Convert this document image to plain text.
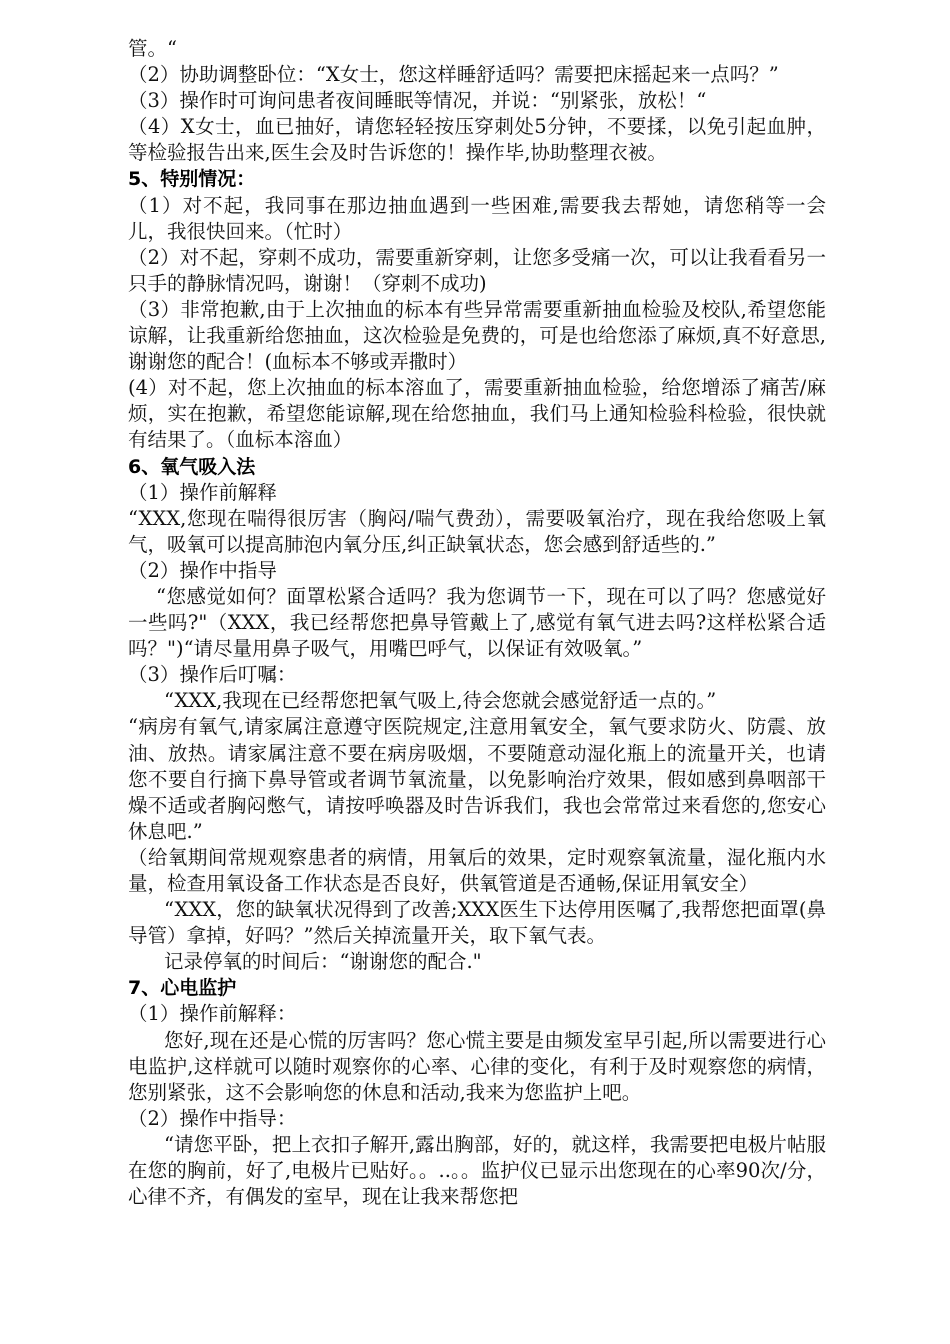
管。“

（2）协助调整卧位：“X女士，您这样睡舒适吗？需要把床摇起来一点吗？”

（3）操作时可询问患者夜间睡眠等情况，并说：“别紧张，放松！“

（4）X女士，血已抽好，请您轻轻按压穿刺处5分钟，不要揉，以免引起血肿，等检验报告出来,医生会及时告诉您的！操作毕,协助整理衣被。

5、特别情况：

（1）对不起，我同事在那边抽血遇到一些困难,需要我去帮她，请您稍等一会儿，我很快回来。（忙时）

（2）对不起，穿刺不成功，需要重新穿刺，让您多受痛一次，可以让我看看另一只手的静脉情况吗，谢谢！（穿刺不成功)

（3）非常抱歉,由于上次抽血的标本有些异常需要重新抽血检验及校队,希望您能谅解，让我重新给您抽血，这次检验是免费的，可是也给您添了麻烦,真不好意思,谢谢您的配合！(血标本不够或弄撒时）

(4）对不起，您上次抽血的标本溶血了，需要重新抽血检验，给您增添了痛苦/麻烦，实在抱歉，希望您能谅解,现在给您抽血，我们马上通知检验科检验，很快就有结果了。（血标本溶血）

6、氧气吸入法

（1）操作前解释

“XXX,您现在喘得很厉害（胸闷/喘气费劲），需要吸氧治疗，现在我给您吸上氧气，吸氧可以提高肺泡内氧分压,纠正缺氧状态，您会感到舒适些的.”

（2）操作中指导

“您感觉如何？面罩松紧合适吗？我为您调节一下，现在可以了吗？您感觉好一些吗?"（XXX，我已经帮您把鼻导管戴上了,感觉有氧气进去吗?这样松紧合适吗？")“请尽量用鼻子吸气，用嘴巴呼气，以保证有效吸氧。”

（3）操作后叮嘱：

“XXX,我现在已经帮您把氧气吸上,待会您就会感觉舒适一点的。”

“病房有氧气,请家属注意遵守医院规定,注意用氧安全，氧气要求防火、防震、放油、放热。请家属注意不要在病房吸烟，不要随意动湿化瓶上的流量开关，也请您不要自行摘下鼻导管或者调节氧流量，以免影响治疗效果，假如感到鼻咽部干燥不适或者胸闷憋气，请按呼唤器及时告诉我们，我也会常常过来看您的,您安心休息吧.”

（给氧期间常规观察患者的病情，用氧后的效果，定时观察氧流量，湿化瓶内水量，检查用氧设备工作状态是否良好，供氧管道是否通畅,保证用氧安全）

“XXX，您的缺氧状况得到了改善;XXX医生下达停用医嘱了,我帮您把面罩(鼻导管）拿掉，好吗？”然后关掉流量开关，取下氧气表。

记录停氧的时间后：“谢谢您的配合."

7、心电监护

（1）操作前解释：

您好,现在还是心慌的厉害吗？您心慌主要是由频发室早引起,所以需要进行心电监护,这样就可以随时观察你的心率、心律的变化，有利于及时观察您的病情，您别紧张，这不会影响您的休息和活动,我来为您监护上吧。

（2）操作中指导：

“请您平卧，把上衣扣子解开,露出胸部，好的，就这样，我需要把电极片帖服在您的胸前，好了,电极片已贴好。。..。。监护仪已显示出您现在的心率90次/分，心律不齐，有偶发的室早，现在让我来帮您把
